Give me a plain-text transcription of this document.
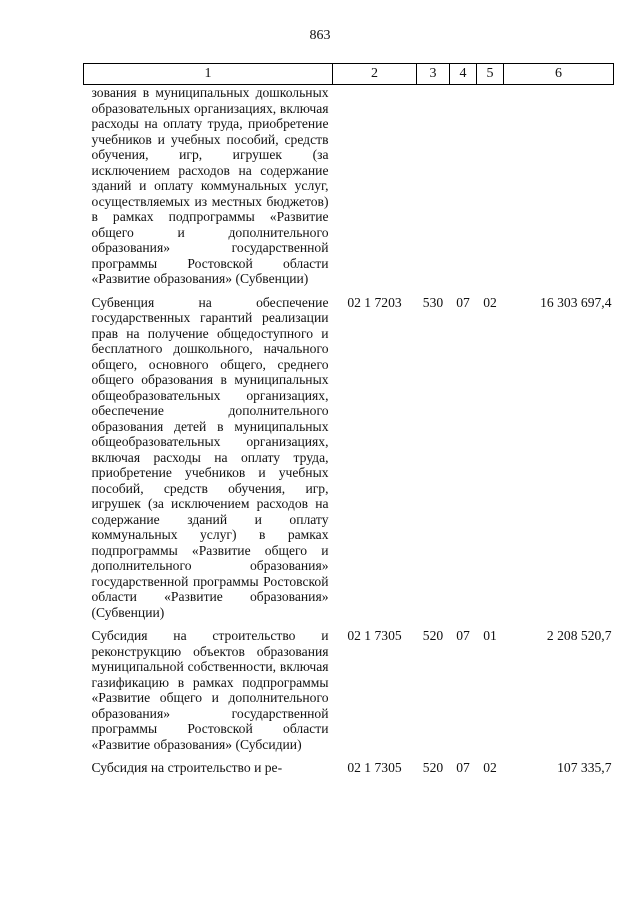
863
1	2	3	4	5	6
зования в муниципальных дошкольных образовательных организациях, включая расходы на оплату труда, приобретение учебников и учебных пособий, средств обучения, игр, игрушек (за исключением расходов на содержание зданий и оплату коммунальных услуг, осуществляемых из местных бюджетов) в рамках подпрограммы «Развитие общего и дополнительного образования» государственной программы Ростовской области «Развитие образования» (Субвенции)					
Субвенция на обеспечение государственных гарантий реализации прав на получение общедоступного и бесплатного дошкольного, начального общего, основного общего, среднего общего образования в муниципальных общеобразовательных организациях, обеспечение дополнительного образования детей в муниципальных общеобразовательных организациях, включая расходы на оплату труда, приобретение учебников и учебных пособий, средств обучения, игр, игрушек (за исключением расходов на содержание зданий и оплату коммунальных услуг) в рамках подпрограммы «Развитие общего и дополнительного образования» государственной программы Ростовской области «Развитие образования» (Субвенции)	02 1 7203	530	07	02	16 303 697,4
Субсидия на строительство и реконструкцию объектов образования муниципальной собственности, включая газификацию в рамках подпрограммы «Развитие общего и дополнительного образования» государственной программы Ростовской области «Развитие образования» (Субсидии)	02 1 7305	520	07	01	2 208 520,7
Субсидия на строительство и ре-	02 1 7305	520	07	02	107 335,7
